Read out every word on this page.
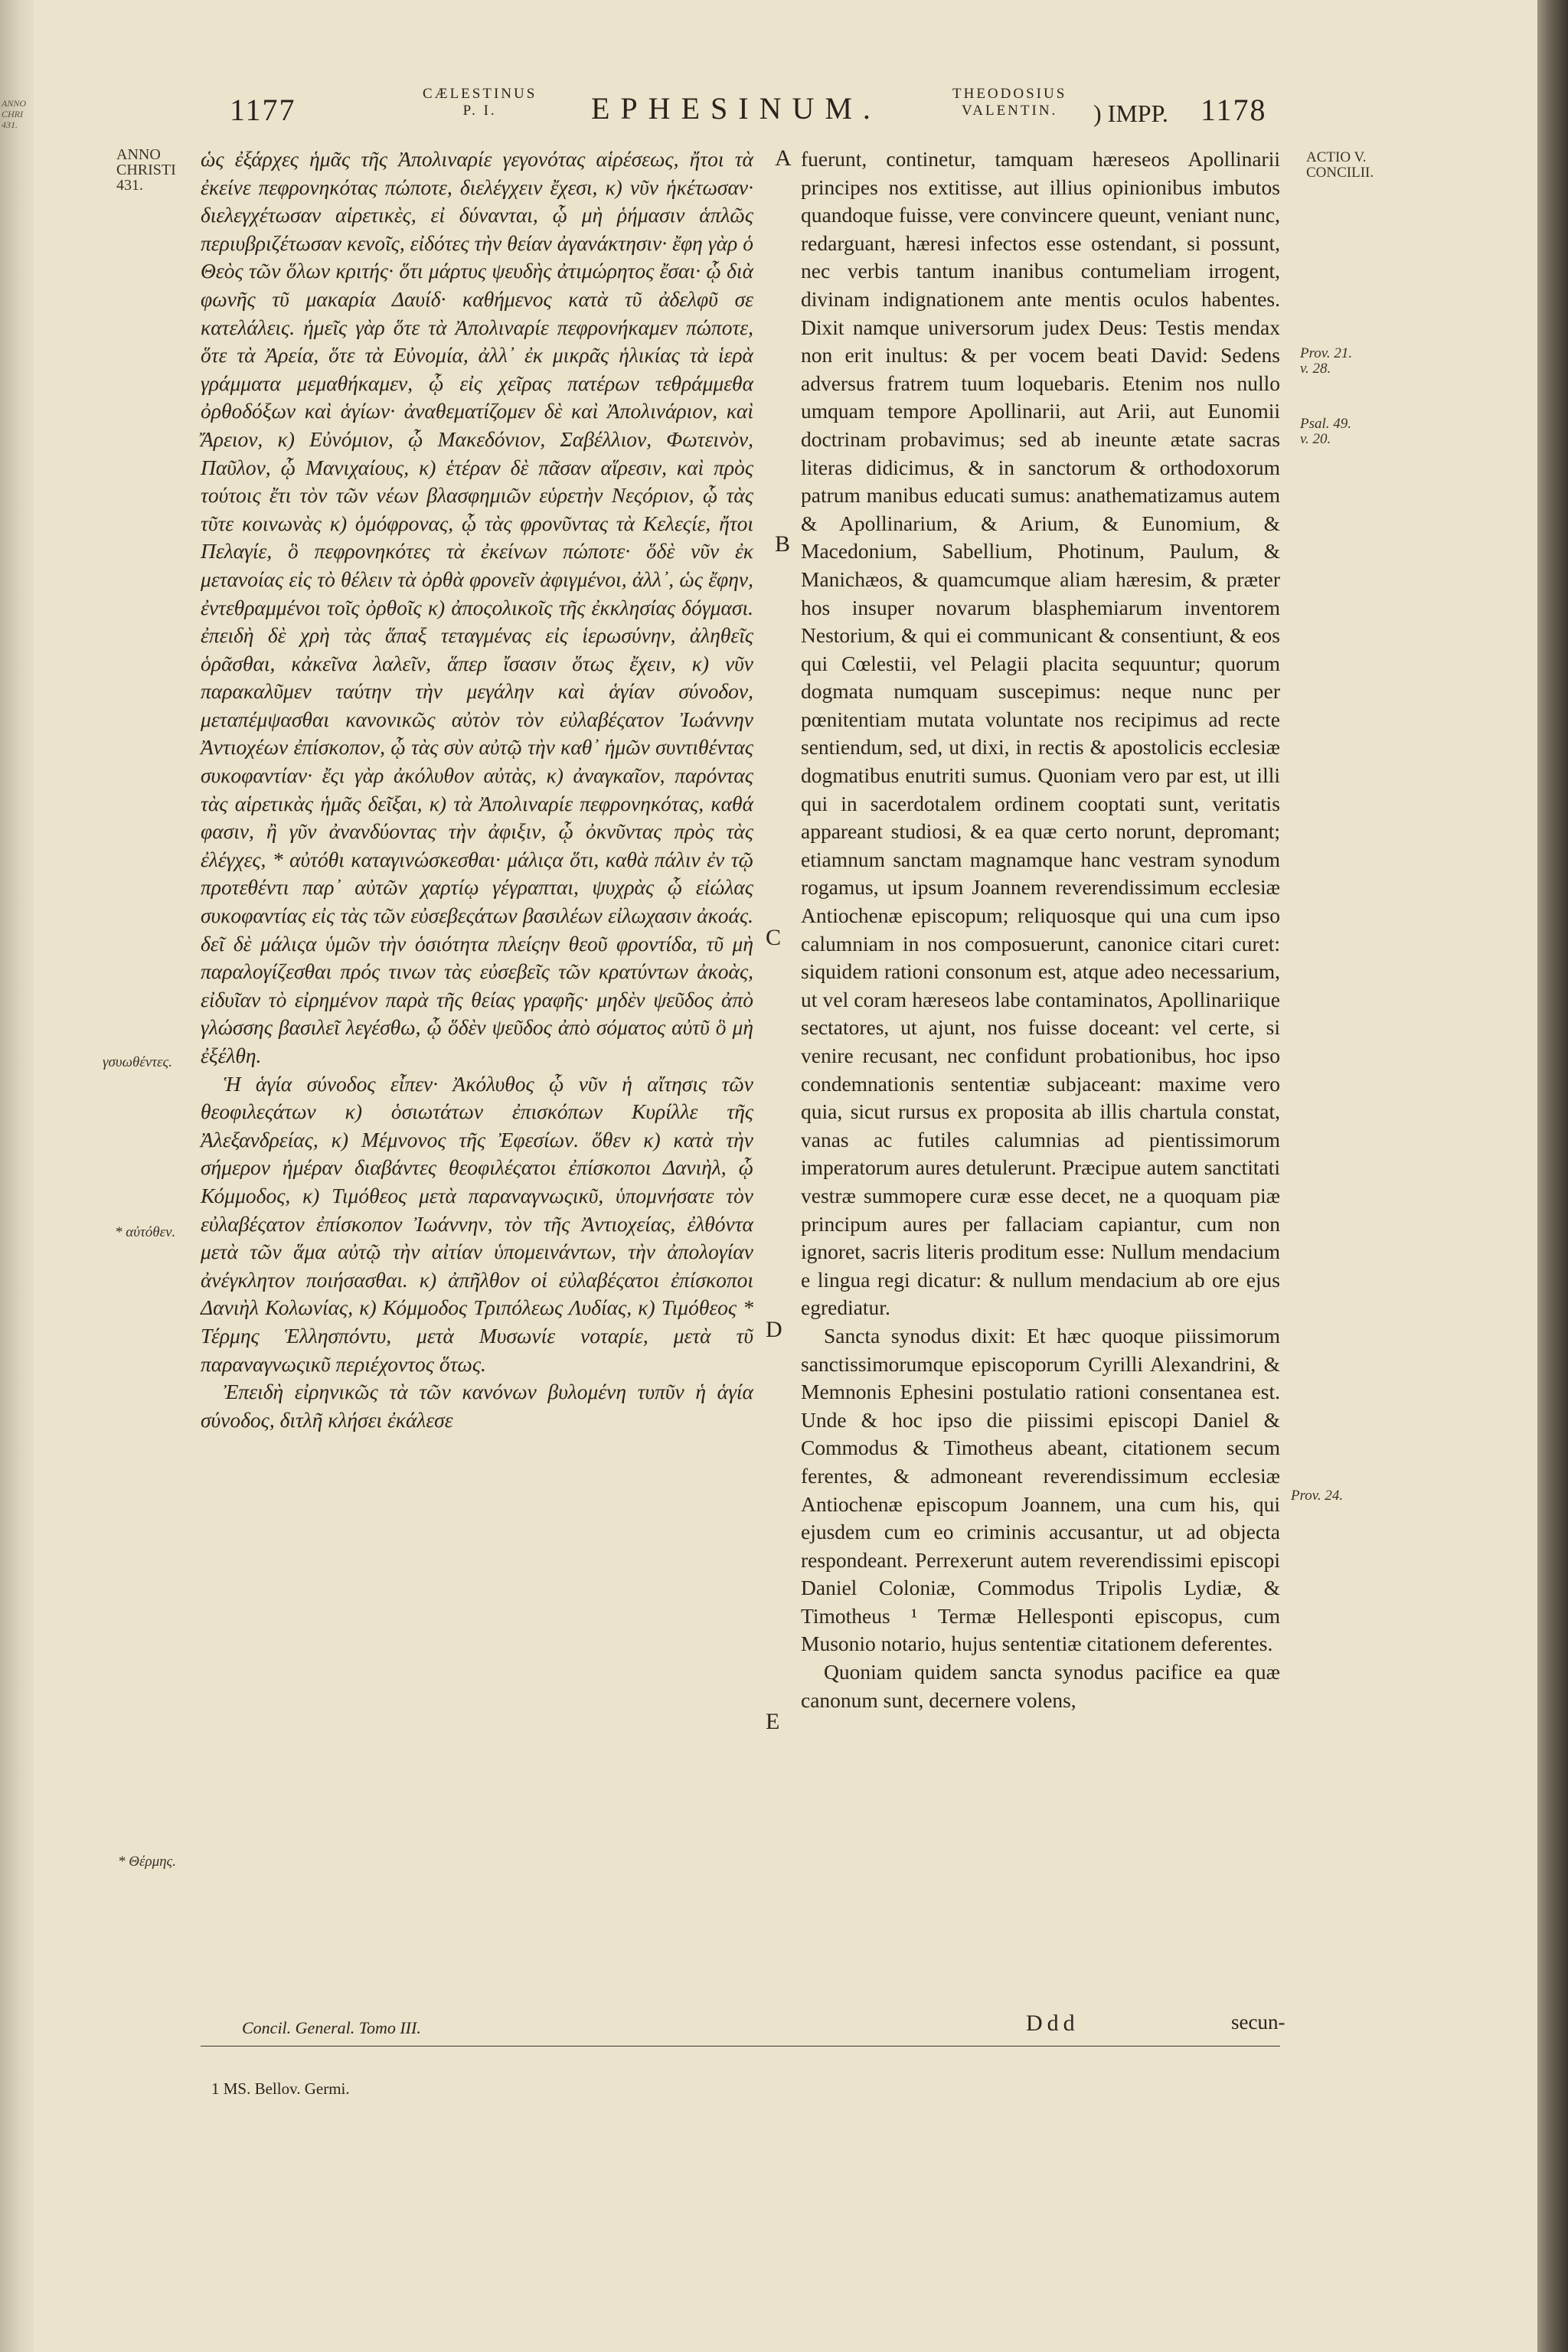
ANNO CHRI 431.	1177	CÆLESTINUS
P. I.	EPHESINUM.	THEODOSIUS
VALENTIN.	) IMPP. 1178
ANNO
CHRISTI
431.
ACTIO V.
CONCILII.
γσυωθέντες.
* αὐτόθεν.
* Θέρμης.
Prov. 21.
v. 28.
Psal. 49.
v. 20.
Prov. 24.
A
B
C
D
E

ὡς ἐξάρχες ἡμᾶς τῆς Ἀπολιναρίε γεγονότας αἱρέσεως, ἤτοι τὰ ἐκείνε πεφρονηκότας πώποτε, διελέγχειν ἔχεσι, κ) νῦν ἡκέτωσαν· διελεγχέτωσαν αἱρετικὲς, εἰ δύνανται, ᾧ μὴ ῥήμασιν ἁπλῶς περιυβριζέτωσαν κενοῖς, εἰδότες τὴν θείαν ἀγανάκτησιν· ἔφη γὰρ ὁ Θεὸς τῶν ὅλων κριτής· ὅτι μάρτυς ψευδὴς ἀτιμώρητος ἔσαι· ᾧ διὰ φωνῆς τῦ μακαρία Δαυίδ· καθήμενος κατὰ τῦ ἀδελφῦ σε κατελάλεις. ἡμεῖς γὰρ ὅτε τὰ Ἀπολιναρίε πεφρονήκαμεν πώποτε, ὅτε τὰ Ἀρεία, ὅτε τὰ Εὐνομία, ἀλλ᾽ ἐκ μικρᾶς ἡλικίας τὰ ἱερὰ γράμματα μεμαθήκαμεν, ᾧ εἰς χεῖρας πατέρων τεθράμμεθα ὀρθοδόξων καὶ ἁγίων· ἀναθεματίζομεν δὲ καὶ Ἀπολινάριον, καὶ Ἄρειον, κ) Εὐνόμιον, ᾧ Μακεδόνιον, Σαβέλλιον, Φωτεινὸν, Παῦλον, ᾧ Μανιχαίους, κ) ἑτέραν δὲ πᾶσαν αἵρεσιν, καὶ πρὸς τούτοις ἔτι τὸν τῶν νέων βλασφημιῶν εὑρετὴν Νεςόριον, ᾧ τὰς τῦτε κοινωνὰς κ) ὁμόφρονας, ᾧ τὰς φρονῦντας τὰ Κελεςίε, ἤτοι Πελαγίε, ὃ πεφρονηκότες τὰ ἐκείνων πώποτε· ὅδὲ νῦν ἐκ μετανοίας εἰς τὸ θέλειν τὰ ὀρθὰ φρονεῖν ἀφιγμένοι, ἀλλ᾽, ὡς ἔφην, ἐντεθραμμένοι τοῖς ὀρθοῖς κ) ἀποςολικοῖς τῆς ἐκκλησίας δόγμασι. ἐπειδὴ δὲ χρὴ τὰς ἅπαξ τεταγμένας εἰς ἱερωσύνην, ἀληθεῖς ὁρᾶσθαι, κἀκεῖνα λαλεῖν, ἅπερ ἴσασιν ὅτως ἔχειν, κ) νῦν παρακαλῦμεν ταύτην τὴν μεγάλην καὶ ἁγίαν σύνοδον, μεταπέμψασθαι κανονικῶς αὐτὸν τὸν εὐλαβέςατον Ἰωάννην Ἀντιοχέων ἐπίσκοπον, ᾧ τὰς σὺν αὐτῷ τὴν καθ᾽ ἡμῶν συντιθέντας συκοφαντίαν· ἔςι γὰρ ἀκόλυθον αὐτὰς, κ) ἀναγκαῖον, παρόντας τὰς αἱρετικὰς ἡμᾶς δεῖξαι, κ) τὰ Ἀπολιναρίε πεφρονηκότας, καθά φασιν, ἢ γῦν ἀνανδύοντας τὴν ἀφιξιν, ᾧ ὀκνῦντας πρὸς τὰς ἐλέγχες, * αὐτόθι καταγινώσκεσθαι· μάλιςα ὅτι, καθὰ πάλιν ἐν τῷ προτεθέντι παρ᾽ αὐτῶν χαρτίῳ γέγραπται, ψυχρὰς ᾧ εἰώλας συκοφαντίας εἰς τὰς τῶν εὐσεβεςάτων βασιλέων εἰλωχασιν ἀκοάς. δεῖ δὲ μάλιςα ὑμῶν τὴν ὁσιότητα πλείςην θεοῦ φροντίδα, τῦ μὴ παραλογίζεσθαι πρός τινων τὰς εὐσεβεῖς τῶν κρατύντων ἀκοὰς, εἰδυῖαν τὸ εἰρημένον παρὰ τῆς θείας γραφῆς· μηδὲν ψεῦδος ἀπὸ γλώσσης βασιλεῖ λεγέσθω, ᾧ ὅδὲν ψεῦδος ἀπὸ σόματος αὐτῦ ὃ μὴ ἐξέλθη.

Ἡ ἁγία σύνοδος εἶπεν· Ἀκόλυθος ᾧ νῦν ἡ αἴτησις τῶν θεοφιλεςάτων κ) ὁσιωτάτων ἐπισκόπων Κυρίλλε τῆς Ἀλεξανδρείας, κ) Μέμνονος τῆς Ἐφεσίων. ὅθεν κ) κατὰ τὴν σήμερον ἡμέραν διαβάντες θεοφιλέςατοι ἐπίσκοποι Δανιὴλ, ᾧ Κόμμοδος, κ) Τιμόθεος μετὰ παραναγνωςικῦ, ὑπομνήσατε τὸν εὐλαβέςατον ἐπίσκοπον Ἰωάννην, τὸν τῆς Ἀντιοχείας, ἐλθόντα μετὰ τῶν ἅμα αὐτῷ τὴν αἰτίαν ὑπομεινάντων, τὴν ἀπολογίαν ἀνέγκλητον ποιήσασθαι. κ) ἀπῆλθον οἱ εὐλαβέςατοι ἐπίσκοποι Δανιὴλ Κολωνίας, κ) Κόμμοδος Τριπόλεως Λυδίας, κ) Τιμόθεος * Τέρμης Ἑλλησπόντυ, μετὰ Μυσωνίε νοταρίε, μετὰ τῦ παραναγνωςικῦ περιέχοντος ὅτως.

Ἐπειδὴ εἰρηνικῶς τὰ τῶν κανόνων βυλομένη τυπῦν ἡ ἁγία σύνοδος, διτλῆ κλήσει ἐκάλεσε

fuerunt, continetur, tamquam hæreseos Apollinarii principes nos extitisse, aut illius opinionibus imbutos quandoque fuisse, vere convincere queunt, veniant nunc, redarguant, hæresi infectos esse ostendant, si possunt, nec verbis tantum inanibus contumeliam irrogent, divinam indignationem ante mentis oculos habentes. Dixit namque universorum judex Deus: Testis mendax non erit inultus: & per vocem beati David: Sedens adversus fratrem tuum loquebaris. Etenim nos nullo umquam tempore Apollinarii, aut Arii, aut Eunomii doctrinam probavimus; sed ab ineunte ætate sacras literas didicimus, & in sanctorum & orthodoxorum patrum manibus educati sumus: anathematizamus autem & Apollinarium, & Arium, & Eunomium, & Macedonium, Sabellium, Photinum, Paulum, & Manichæos, & quamcumque aliam hæresim, & præter hos insuper novarum blasphemiarum inventorem Nestorium, & qui ei communicant & consentiunt, & eos qui Cœlestii, vel Pelagii placita sequuntur; quorum dogmata numquam suscepimus: neque nunc per pœnitentiam mutata voluntate nos recipimus ad recte sentiendum, sed, ut dixi, in rectis & apostolicis ecclesiæ dogmatibus enutriti sumus. Quoniam vero par est, ut illi qui in sacerdotalem ordinem cooptati sunt, veritatis appareant studiosi, & ea quæ certo norunt, depromant; etiamnum sanctam magnamque hanc vestram synodum rogamus, ut ipsum Joannem reverendissimum ecclesiæ Antiochenæ episcopum; reliquosque qui una cum ipso calumniam in nos composuerunt, canonice citari curet: siquidem rationi consonum est, atque adeo necessarium, ut vel coram hæreseos labe contaminatos, Apollinariique sectatores, ut ajunt, nos fuisse doceant: vel certe, si venire recusant, nec confidunt probationibus, hoc ipso condemnationis sententiæ subjaceant: maxime vero quia, sicut rursus ex proposita ab illis chartula constat, vanas ac futiles calumnias ad pientissimorum imperatorum aures detulerunt. Præcipue autem sanctitati vestræ summopere curæ esse decet, ne a quoquam piæ principum aures per fallaciam capiantur, cum non ignoret, sacris literis proditum esse: Nullum mendacium e lingua regi dicatur: & nullum mendacium ab ore ejus egrediatur.

Sancta synodus dixit: Et hæc quoque piissimorum sanctissimorumque episcoporum Cyrilli Alexandrini, & Memnonis Ephesini postulatio rationi consentanea est. Unde & hoc ipso die piissimi episcopi Daniel & Commodus & Timotheus abeant, citationem secum ferentes, & admoneant reverendissimum ecclesiæ Antiochenæ episcopum Joannem, una cum his, qui ejusdem cum eo criminis accusantur, ut ad objecta respondeant. Perrexerunt autem reverendissimi episcopi Daniel Coloniæ, Commodus Tripolis Lydiæ, & Timotheus ¹ Termæ Hellesponti episcopus, cum Musonio notario, hujus sententiæ citationem deferentes.

Quoniam quidem sancta synodus pacifice ea quæ canonum sunt, decernere volens,

Concil. General. Tomo III.	Ddd	secun-
1 MS. Bellov. Germi.
